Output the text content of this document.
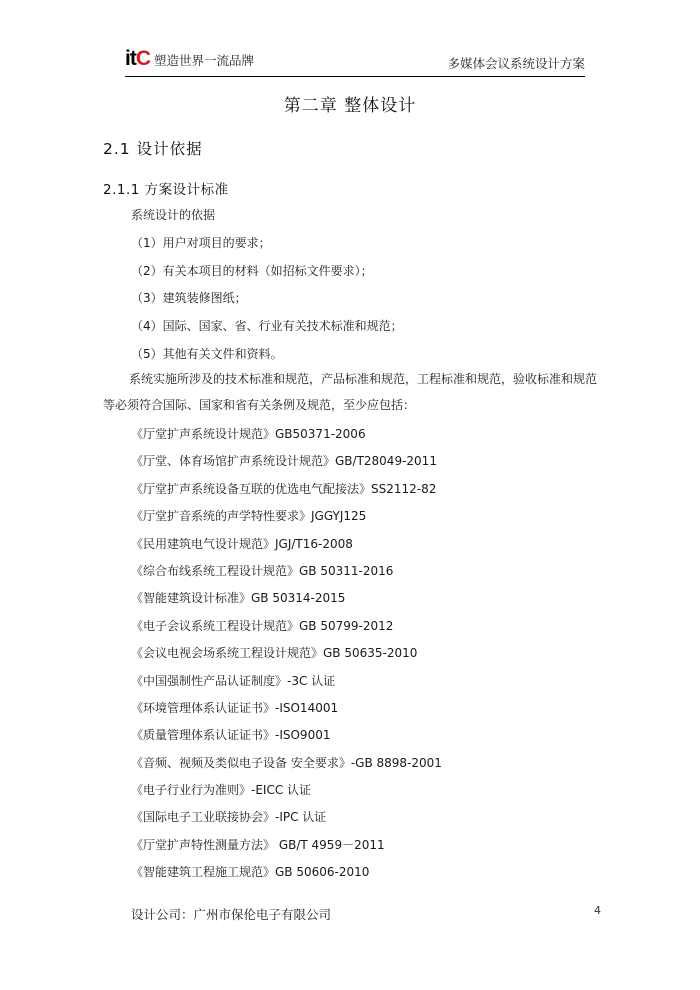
itC 塑造世界一流品牌	多媒体会议系统设计方案
第二章 整体设计
2.1 设计依据
2.1.1 方案设计标准
系统设计的依据
（1）用户对项目的要求；
（2）有关本项目的材料（如招标文件要求）；
（3）建筑装修图纸；
（4）国际、国家、省、行业有关技术标准和规范；
（5）其他有关文件和资料。
系统实施所涉及的技术标准和规范，产品标准和规范，工程标准和规范，验收标准和规范等必须符合国际、国家和省有关条例及规范，至少应包括：
《厅堂扩声系统设计规范》GB50371-2006
《厅堂、体育场馆扩声系统设计规范》GB/T28049-2011
《厅堂扩声系统设备互联的优选电气配接法》SS2112-82
《厅堂扩音系统的声学特性要求》JGGYJ125
《民用建筑电气设计规范》JGJ/T16-2008
《综合布线系统工程设计规范》GB 50311-2016
《智能建筑设计标准》GB 50314-2015
《电子会议系统工程设计规范》GB 50799-2012
《会议电视会场系统工程设计规范》GB 50635-2010
《中国强制性产品认证制度》-3C 认证
《环境管理体系认证证书》-ISO14001
《质量管理体系认证证书》-ISO9001
《音频、视频及类似电子设备 安全要求》-GB 8898-2001
《电子行业行为准则》-EICC 认证
《国际电子工业联接协会》-IPC 认证
《厅堂扩声特性测量方法》 GB/T 4959－2011
《智能建筑工程施工规范》GB 50606-2010
设计公司：广州市保伦电子有限公司	4
